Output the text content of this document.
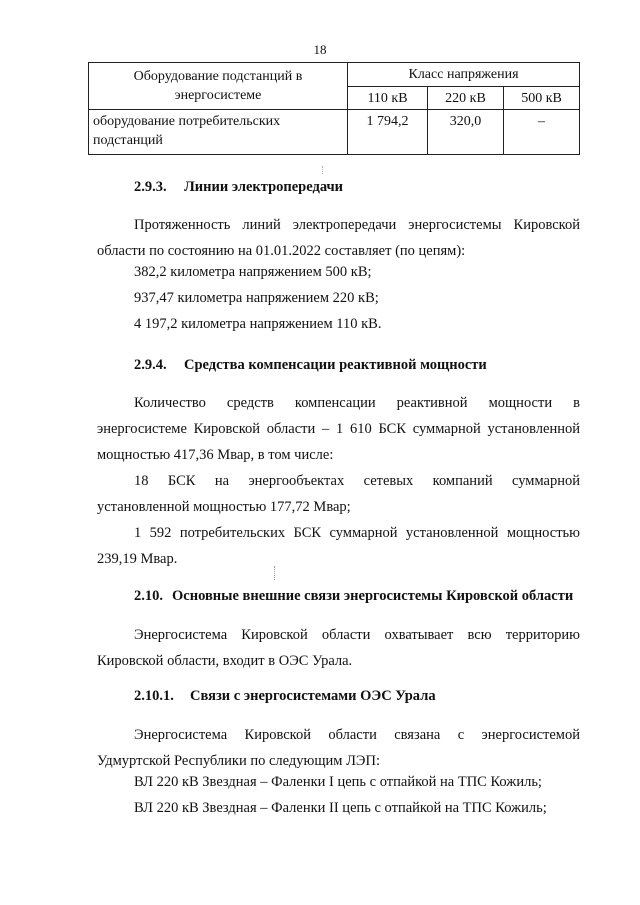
18
Оборудование подстанций в энергосистеме	Класс напряжения		
	110 кВ	220 кВ	500 кВ
оборудование потребительских подстанций	1 794,2	320,0	–
2.9.3. Линии электропередачи
Протяженность линий электропередачи энергосистемы Кировской
области по состоянию на 01.01.2022 составляет (по цепям):
382,2 километра напряжением 500 кВ;
937,47 километра напряжением 220 кВ;
4 197,2 километра напряжением 110 кВ.
2.9.4. Средства компенсации реактивной мощности
Количество средств компенсации реактивной мощности в
энергосистеме Кировской области – 1 610 БСК суммарной установленной
мощностью 417,36 Мвар, в том числе:
18 БСК на энергообъектах сетевых компаний суммарной
установленной мощностью 177,72 Мвар;
1 592 потребительских БСК суммарной установленной мощностью
239,19 Мвар.
2.10. Основные внешние связи энергосистемы Кировской области
Энергосистема Кировской области охватывает всю территорию
Кировской области, входит в ОЭС Урала.
2.10.1. Связи с энергосистемами ОЭС Урала
Энергосистема Кировской области связана с энергосистемой
Удмуртской Республики по следующим ЛЭП:
ВЛ 220 кВ Звездная – Фаленки I цепь с отпайкой на ТПС Кожиль;
ВЛ 220 кВ Звездная – Фаленки II цепь с отпайкой на ТПС Кожиль;
